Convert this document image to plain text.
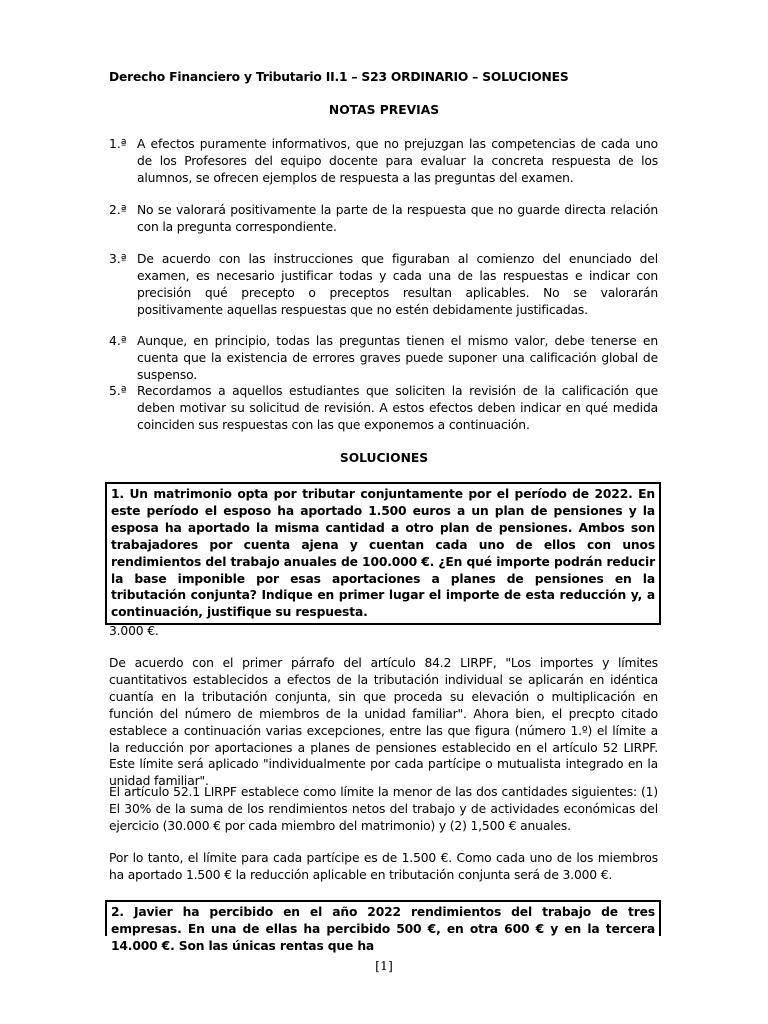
Derecho Financiero y Tributario II.1 – S23 ORDINARIO – SOLUCIONES
NOTAS PREVIAS
1.ª A efectos puramente informativos, que no prejuzgan las competencias de cada uno de los Profesores del equipo docente para evaluar la concreta respuesta de los alumnos, se ofrecen ejemplos de respuesta a las preguntas del examen.
2.ª No se valorará positivamente la parte de la respuesta que no guarde directa relación con la pregunta correspondiente.
3.ª De acuerdo con las instrucciones que figuraban al comienzo del enunciado del examen, es necesario justificar todas y cada una de las respuestas e indicar con precisión qué precepto o preceptos resultan aplicables. No se valorarán positivamente aquellas respuestas que no estén debidamente justificadas.
4.ª Aunque, en principio, todas las preguntas tienen el mismo valor, debe tenerse en cuenta que la existencia de errores graves puede suponer una calificación global de suspenso.
5.ª Recordamos a aquellos estudiantes que soliciten la revisión de la calificación que deben motivar su solicitud de revisión. A estos efectos deben indicar en qué medida coinciden sus respuestas con las que exponemos a continuación.
SOLUCIONES
1. Un matrimonio opta por tributar conjuntamente por el período de 2022. En este período el esposo ha aportado 1.500 euros a un plan de pensiones y la esposa ha aportado la misma cantidad a otro plan de pensiones. Ambos son trabajadores por cuenta ajena y cuentan cada uno de ellos con unos rendimientos del trabajo anuales de 100.000 €. ¿En qué importe podrán reducir la base imponible por esas aportaciones a planes de pensiones en la tributación conjunta? Indique en primer lugar el importe de esta reducción y, a continuación, justifique su respuesta.
3.000 €.
De acuerdo con el primer párrafo del artículo 84.2 LIRPF, "Los importes y límites cuantitativos establecidos a efectos de la tributación individual se aplicarán en idéntica cuantía en la tributación conjunta, sin que proceda su elevación o multiplicación en función del número de miembros de la unidad familiar". Ahora bien, el precpto citado establece a continuación varias excepciones, entre las que figura (número 1.º) el límite a la reducción por aportaciones a planes de pensiones establecido en el artículo 52 LIRPF. Este límite será aplicado "individualmente por cada partícipe o mutualista integrado en la unidad familiar".
El artículo 52.1 LIRPF establece como límite la menor de las dos cantidades siguientes: (1) El 30% de la suma de los rendimientos netos del trabajo y de actividades económicas del ejercicio (30.000 € por cada miembro del matrimonio) y (2) 1,500 € anuales.
Por lo tanto, el límite para cada partícipe es de 1.500 €. Como cada uno de los miembros ha aportado 1.500 € la reducción aplicable en tributación conjunta será de 3.000 €.
2. Javier ha percibido en el año 2022 rendimientos del trabajo de tres empresas. En una de ellas ha percibido 500 €, en otra 600 € y en la tercera 14.000 €. Son las únicas rentas que ha
[1]
